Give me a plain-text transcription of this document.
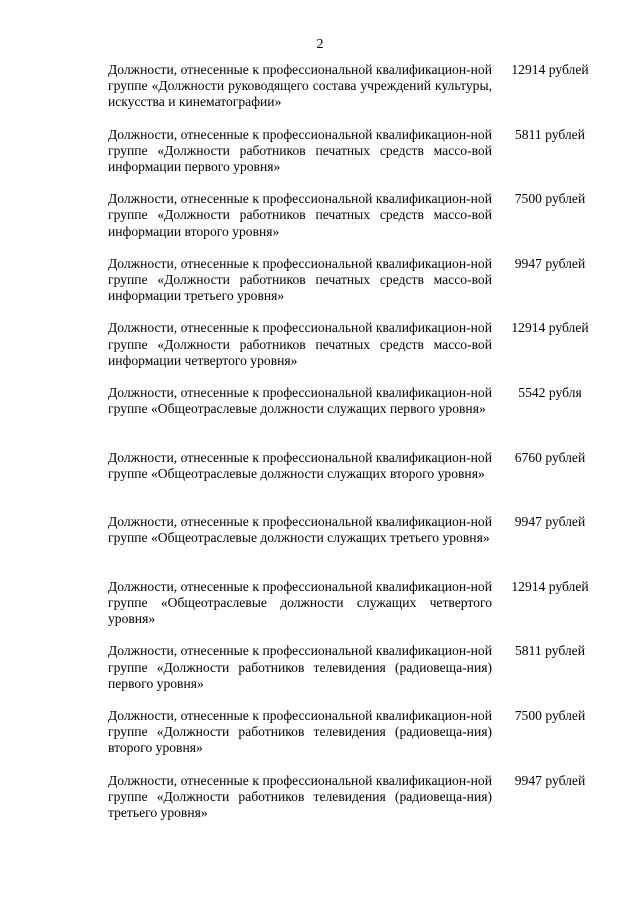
2
Должности, отнесенные к профессиональной квалификацион-ной группе «Должности руководящего состава учреждений культуры, искусства и кинематографии»
12914 рублей
Должности, отнесенные к профессиональной квалификацион-ной группе «Должности работников печатных средств массо-вой информации первого уровня»
5811 рублей
Должности, отнесенные к профессиональной квалификацион-ной группе «Должности работников печатных средств массо-вой информации второго уровня»
7500 рублей
Должности, отнесенные к профессиональной квалификацион-ной группе «Должности работников печатных средств массо-вой информации третьего уровня»
9947 рублей
Должности, отнесенные к профессиональной квалификацион-ной группе «Должности работников печатных средств массо-вой информации четвертого уровня»
12914 рублей
Должности, отнесенные к профессиональной квалификацион-ной группе «Общеотраслевые должности служащих первого уровня»
5542 рубля
Должности, отнесенные к профессиональной квалификацион-ной группе «Общеотраслевые должности служащих второго уровня»
6760 рублей
Должности, отнесенные к профессиональной квалификацион-ной группе «Общеотраслевые должности служащих третьего уровня»
9947 рублей
Должности, отнесенные к профессиональной квалификацион-ной группе «Общеотраслевые должности служащих четвертого уровня»
12914 рублей
Должности, отнесенные к профессиональной квалификацион-ной группе «Должности работников телевидения (радиовеща-ния) первого уровня»
5811 рублей
Должности, отнесенные к профессиональной квалификацион-ной группе «Должности работников телевидения (радиовеща-ния) второго уровня»
7500 рублей
Должности, отнесенные к профессиональной квалификацион-ной группе «Должности работников телевидения (радиовеща-ния) третьего уровня»
9947 рублей
